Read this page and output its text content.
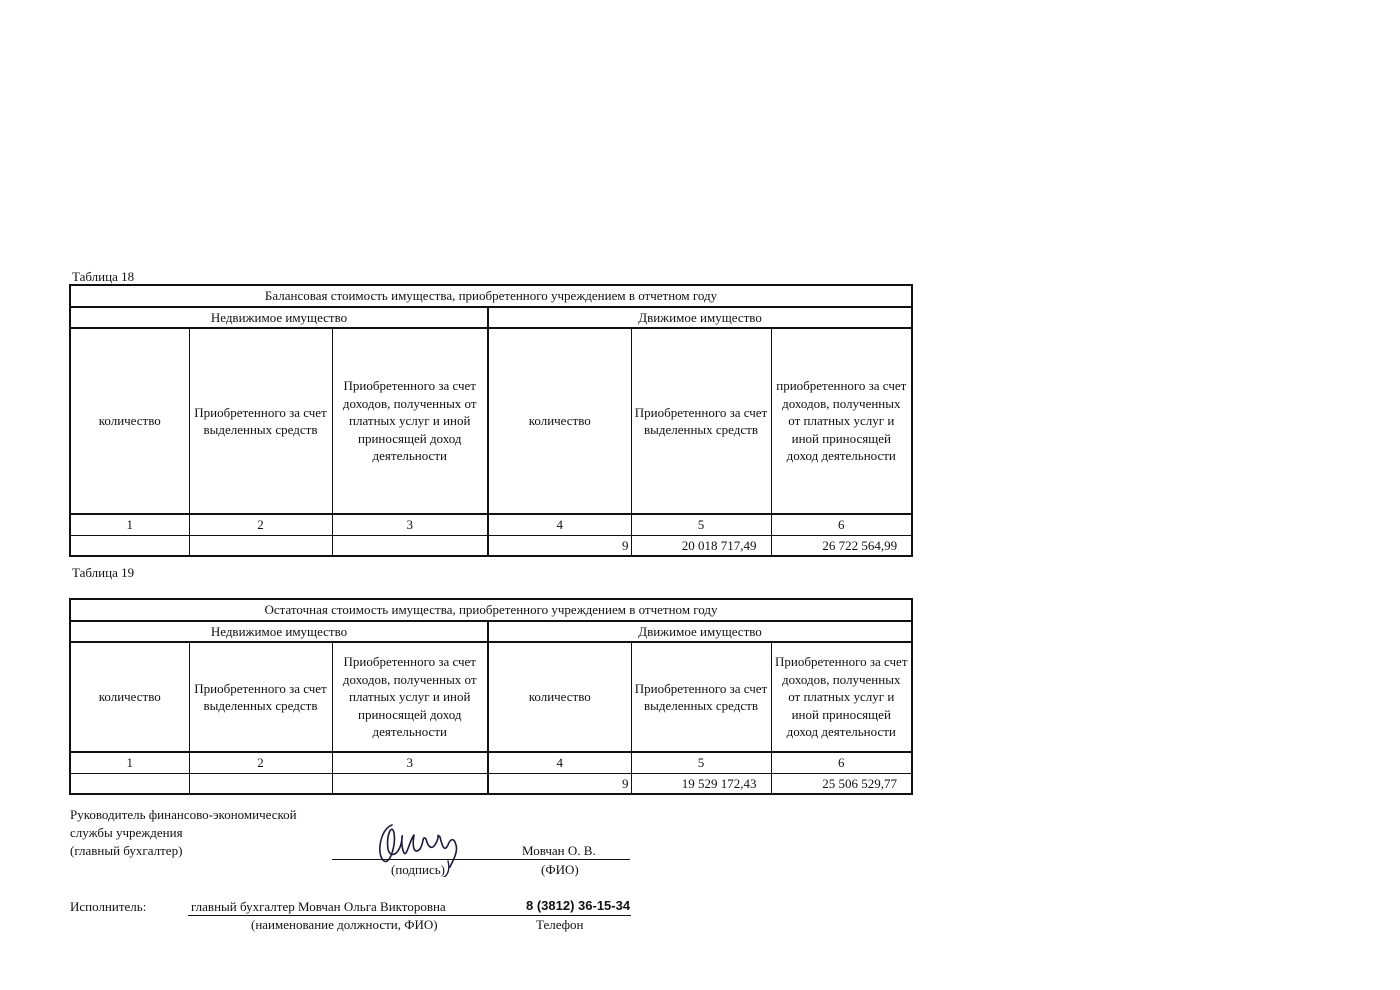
Таблица 18
Балансовая стоимость имущества, приобретенного учреждением в отчетном году					
Недвижимое имущество			Движимое имущество		
количество	Приобретенного за счет выделенных средств	Приобретенного за счет доходов, полученных от платных услуг и иной приносящей доход деятельности	количество	Приобретенного за счет выделенных средств	приобретенного за счет доходов, полученных от платных услуг и иной приносящей доход деятельности
1	2	3	4	5	6
			9	20 018 717,49	26 722 564,99
Таблица 19
Остаточная стоимость имущества, приобретенного учреждением в отчетном году					
Недвижимое имущество			Движимое имущество		
количество	Приобретенного за счет выделенных средств	Приобретенного за счет доходов, полученных от платных услуг и иной приносящей доход деятельности	количество	Приобретенного за счет выделенных средств	Приобретенного за счет доходов, полученных от платных услуг и иной приносящей доход деятельности
1	2	3	4	5	6
			9	19 529 172,43	25 506 529,77
Руководитель финансово-экономической
службы учреждения
(главный бухгалтер)	Мовчан О. В.
(подпись)	(ФИО)
Исполнитель:	главный бухгалтер Мовчан Ольга Викторовна	8 (3812) 36-15-34
(наименование должности, ФИО)	Телефон
